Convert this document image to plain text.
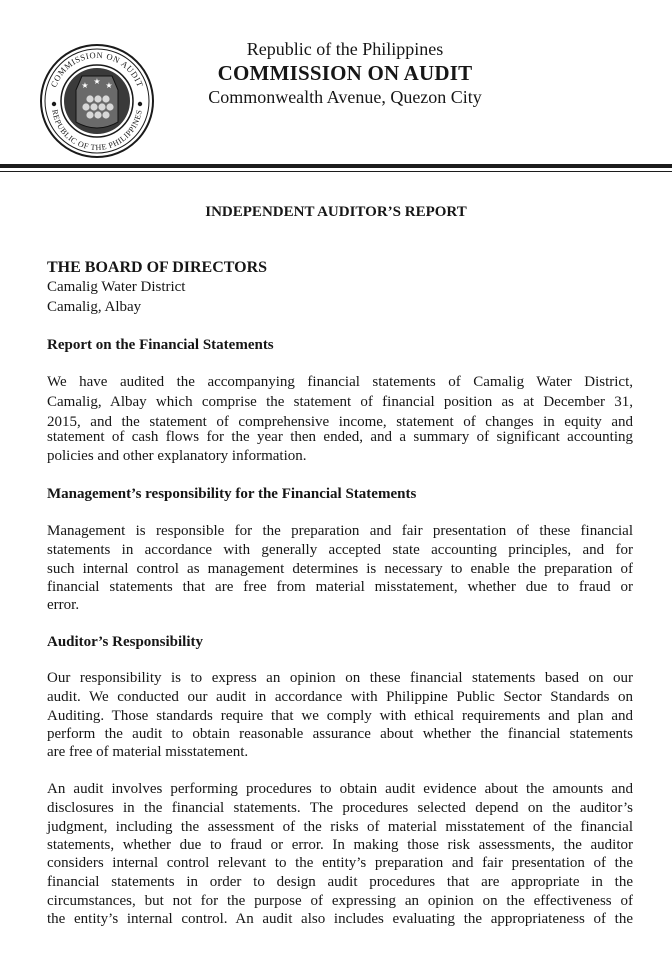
COMMISSION ON AUDIT
REPUBLIC OF THE PHILIPPINES
★ ★ ★
Republic of the Philippines
COMMISSION ON AUDIT
Commonwealth Avenue, Quezon City
INDEPENDENT AUDITOR’S REPORT
THE BOARD OF DIRECTORS
Camalig Water District
Camalig, Albay
Report on the Financial Statements
We have audited the accompanying financial statements of Camalig Water District,
Camalig, Albay which comprise the statement of financial position as at December 31,
2015, and the statement of comprehensive income, statement of changes in equity and
statement of cash flows for the year then ended, and a summary of significant accounting
policies and other explanatory information.
Management’s responsibility for the Financial Statements
Management is responsible for the preparation and fair presentation of these financial
statements in accordance with generally accepted state accounting principles, and for
such internal control as management determines is necessary to enable the preparation of
financial statements that are free from material misstatement, whether due to fraud or
error.
Auditor’s Responsibility
Our responsibility is to express an opinion on these financial statements based on our
audit. We conducted our audit in accordance with Philippine Public Sector Standards on
Auditing. Those standards require that we comply with ethical requirements and plan and
perform the audit to obtain reasonable assurance about whether the financial statements
are free of material misstatement.
An audit involves performing procedures to obtain audit evidence about the amounts and
disclosures in the financial statements. The procedures selected depend on the auditor’s
judgment, including the assessment of the risks of material misstatement of the financial
statements, whether due to fraud or error. In making those risk assessments, the auditor
considers internal control relevant to the entity’s preparation and fair presentation of the
financial statements in order to design audit procedures that are appropriate in the
circumstances, but not for the purpose of expressing an opinion on the effectiveness of
the entity’s internal control. An audit also includes evaluating the appropriateness of the
